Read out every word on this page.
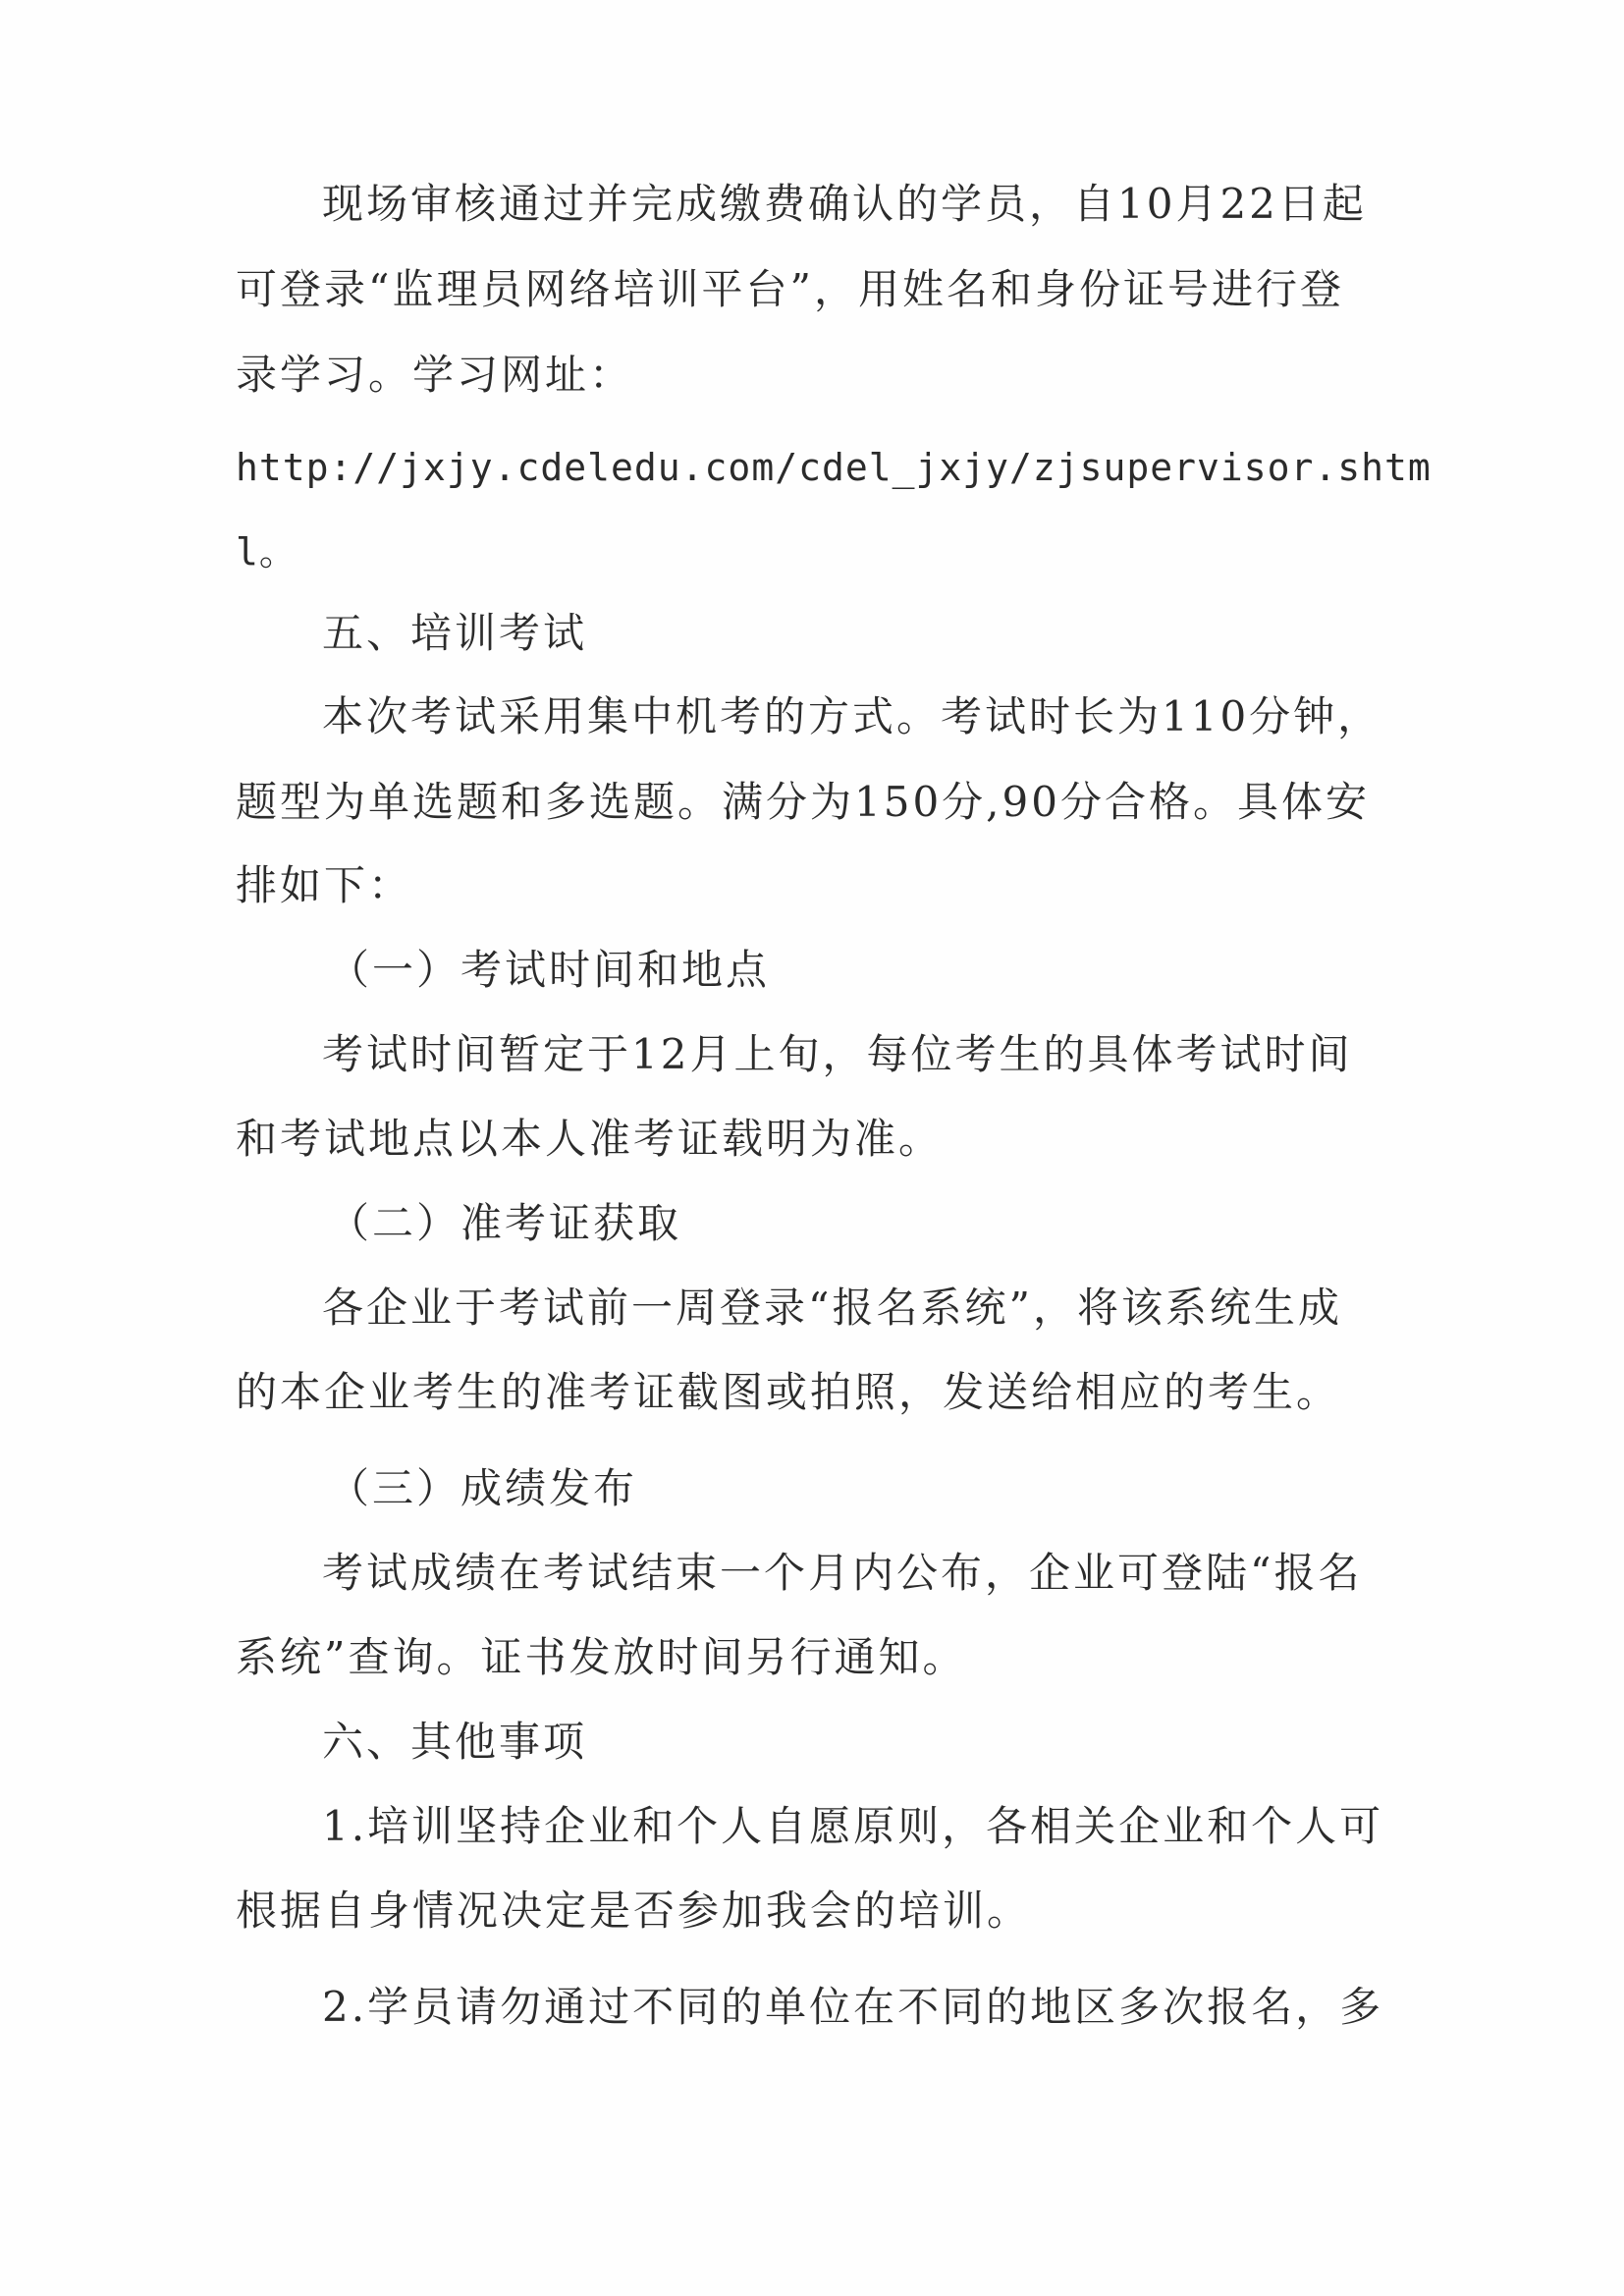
现场审核通过并完成缴费确认的学员，自10月22日起
可登录“监理员网络培训平台”，用姓名和身份证号进行登
录学习。学习网址：
http://jxjy.cdeledu.com/cdel_jxjy/zjsupervisor.shtm
l。
五、培训考试
本次考试采用集中机考的方式。考试时长为110分钟，
题型为单选题和多选题。满分为150分,90分合格。具体安
排如下：
（一）考试时间和地点
考试时间暂定于12月上旬，每位考生的具体考试时间
和考试地点以本人准考证载明为准。
（二）准考证获取
各企业于考试前一周登录“报名系统”，将该系统生成
的本企业考生的准考证截图或拍照，发送给相应的考生。
（三）成绩发布
考试成绩在考试结束一个月内公布，企业可登陆“报名
系统”查询。证书发放时间另行通知。
六、其他事项
1.培训坚持企业和个人自愿原则，各相关企业和个人可
根据自身情况决定是否参加我会的培训。
2.学员请勿通过不同的单位在不同的地区多次报名，多
